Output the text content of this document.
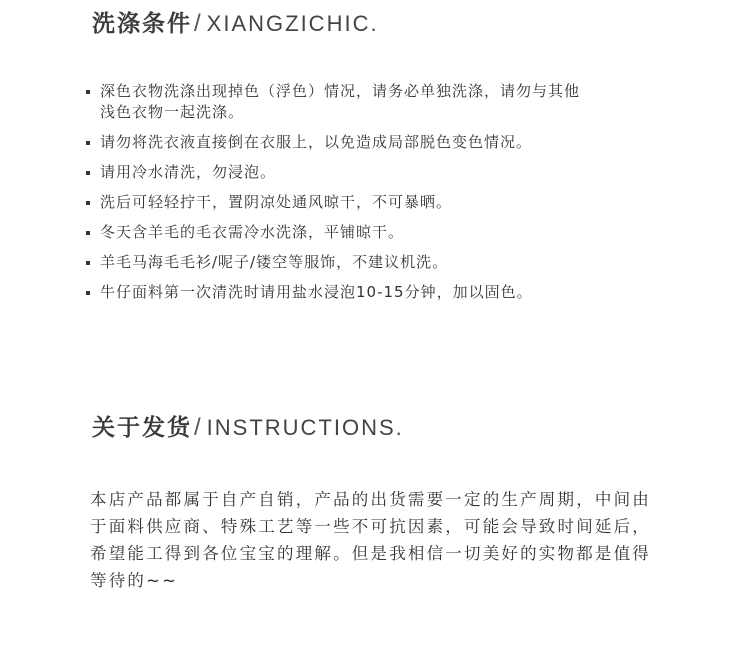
洗涤条件/ XIANGZICHIC.
深色衣物洗涤出现掉色（浮色）情况，请务必单独洗涤，请勿与其他浅色衣物一起洗涤。
请勿将洗衣液直接倒在衣服上，以免造成局部脱色变色情况。
请用冷水清洗，勿浸泡。
洗后可轻轻拧干，置阴凉处通风晾干，不可暴晒。
冬天含羊毛的毛衣需冷水洗涤，平铺晾干。
羊毛马海毛毛衫/呢子/镂空等服饰，不建议机洗。
牛仔面料第一次清洗时请用盐水浸泡10-15分钟，加以固色。
关于发货/ INSTRUCTIONS.

本店产品都属于自产自销，产品的出货需要一定的生产周期，中间由于面料供应商、特殊工艺等一些不可抗因素，可能会导致时间延后，希望能工得到各位宝宝的理解。但是我相信一切美好的实物都是值得等待的~~
